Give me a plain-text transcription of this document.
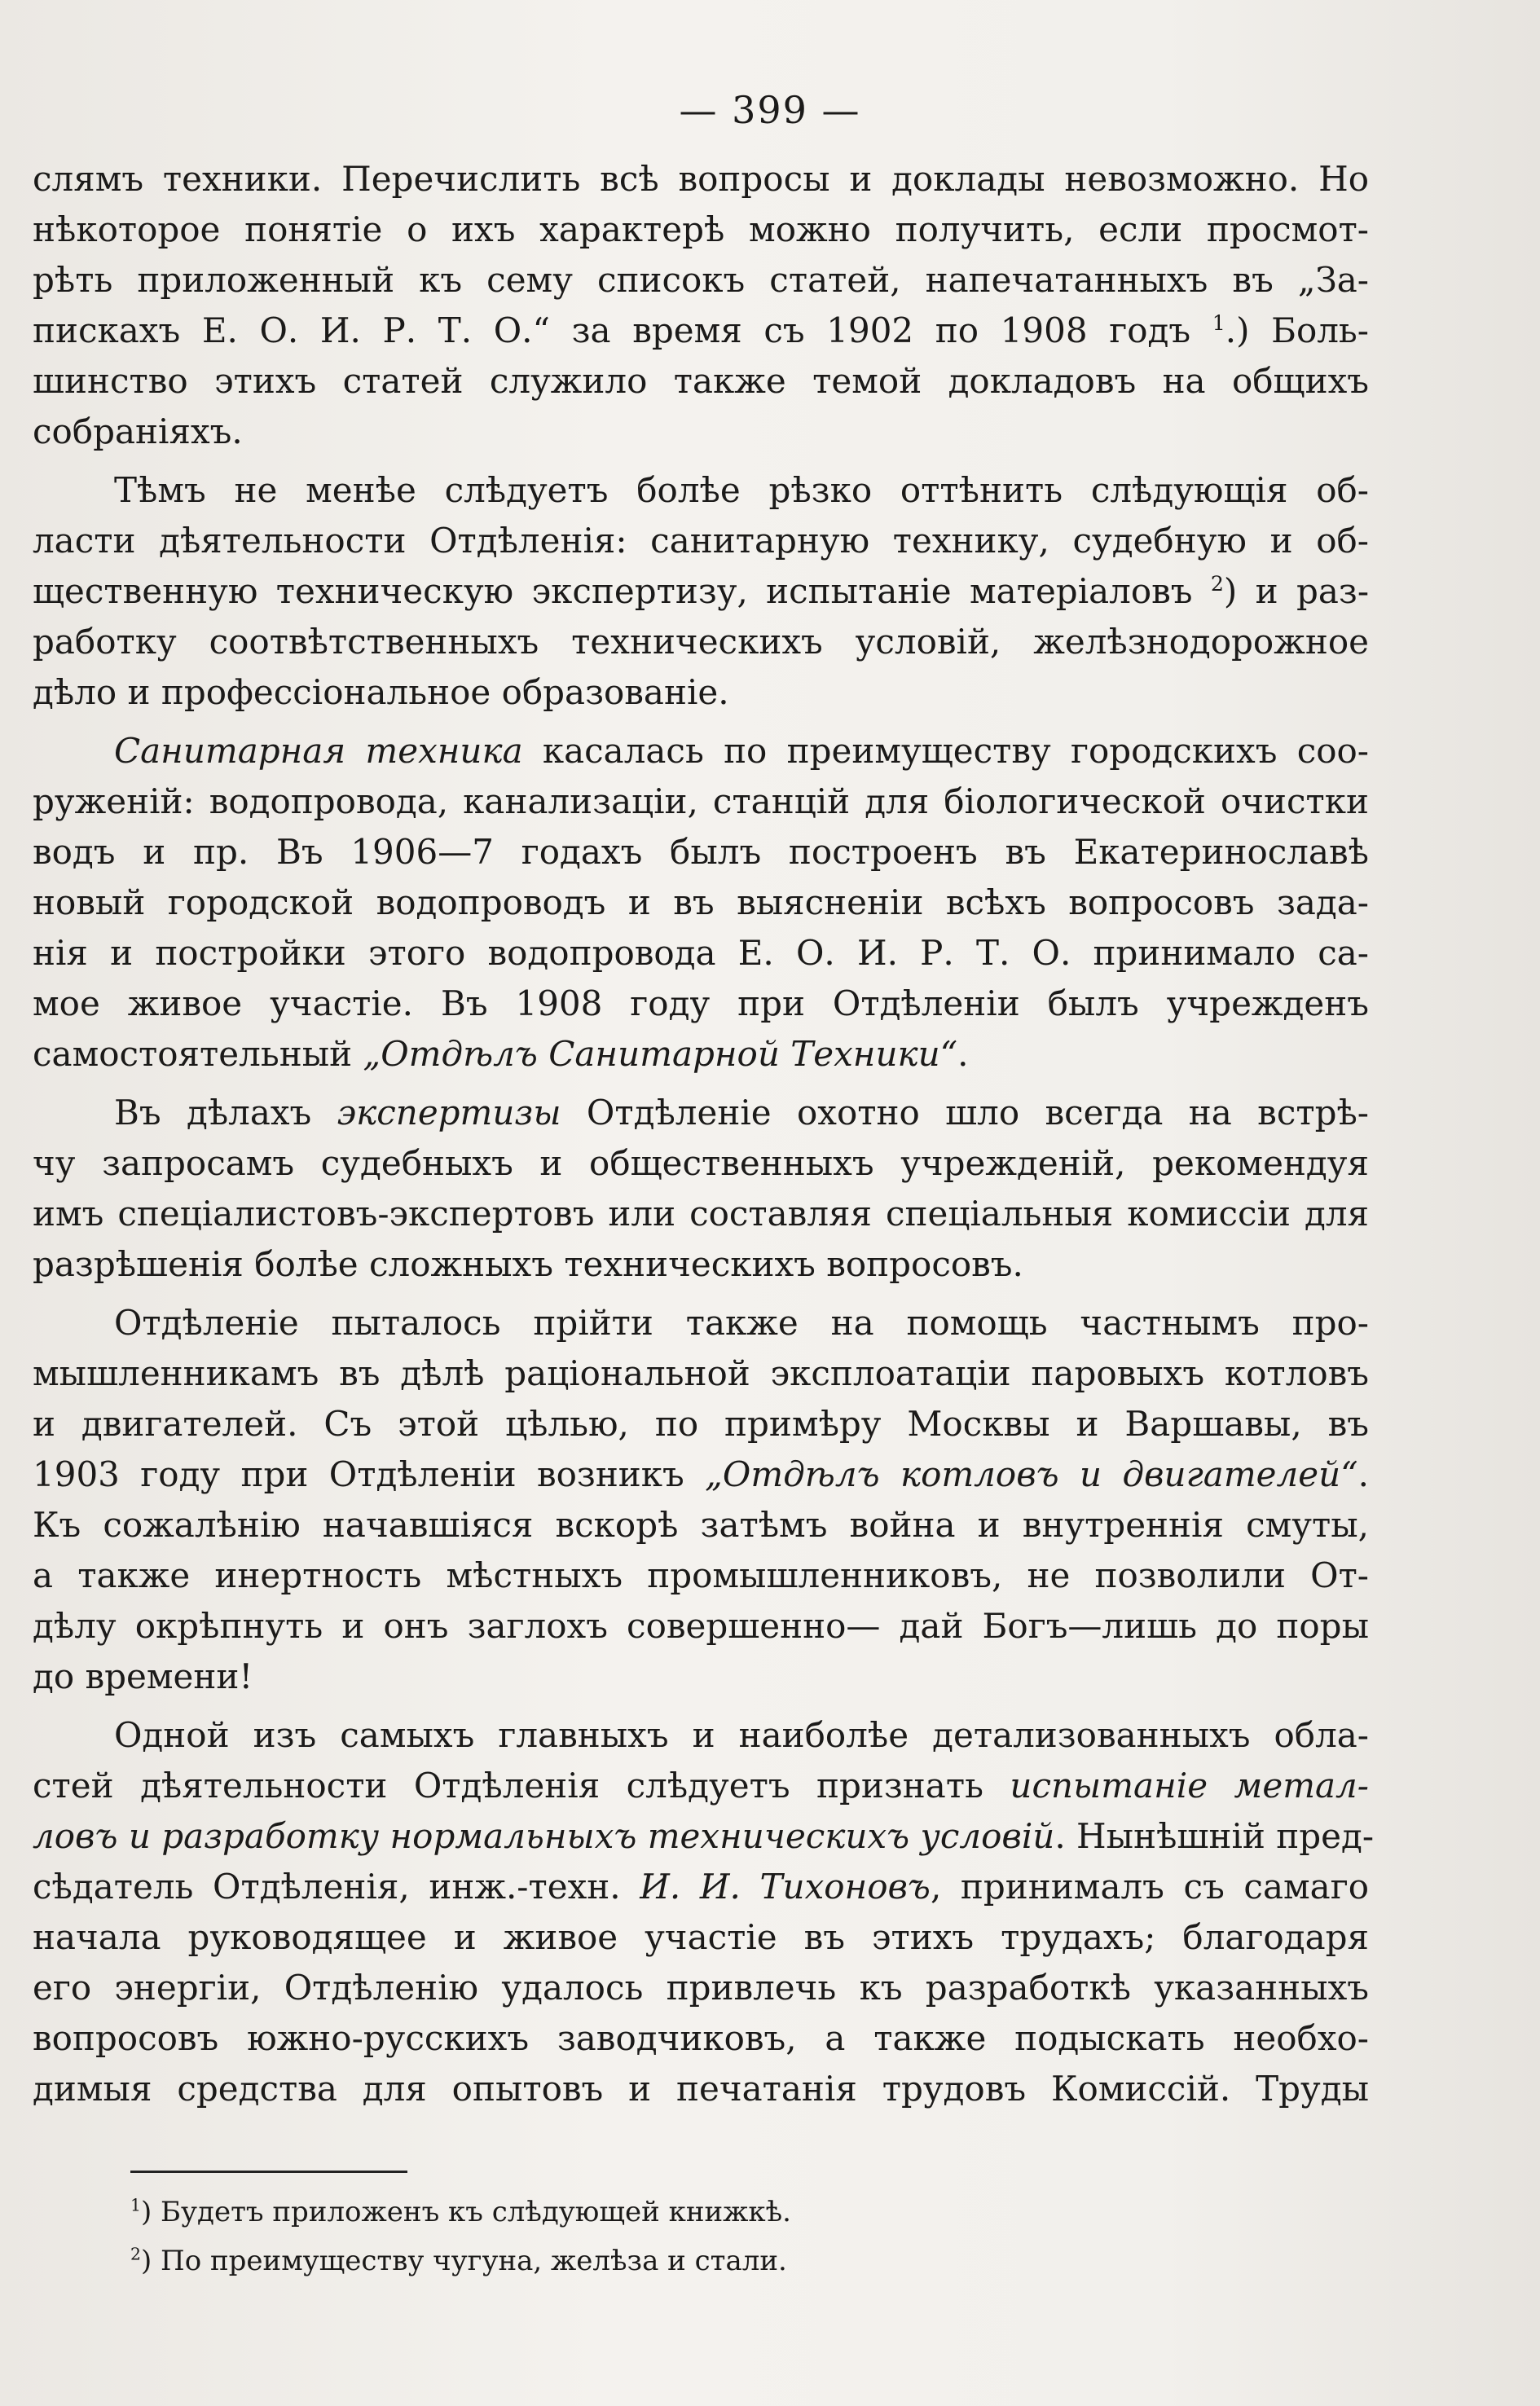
— 399 —
слямъ техники. Перечислить всѣ вопросы и доклады невозможно. Но
нѣкоторое понятіе о ихъ характерѣ можно получить, если просмот-
рѣть приложенный къ сему списокъ статей, напечатанныхъ въ „За-
пискахъ Е. О. И. Р. Т. О.“ за время съ 1902 по 1908 годъ $^1$.) Боль-
шинство этихъ статей служило также темой докладовъ на общихъ
собраніяхъ.
Тѣмъ не менѣе слѣдуетъ болѣе рѣзко оттѣнить слѣдующія об-
ласти дѣятельности Отдѣленія: санитарную технику, судебную и об-
щественную техническую экспертизу, испытаніе матеріаловъ $^2$) и раз-
работку соотвѣтственныхъ техническихъ условій, желѣзнодорожное
дѣло и профессіональное образованіе.
Санитарная техника касалась по преимуществу городскихъ соо-
руженій: водопровода, канализаціи, станцій для біологической очистки
водъ и пр. Въ 1906—7 годахъ былъ построенъ въ Екатеринославѣ
новый городской водопроводъ и въ выясненіи всѣхъ вопросовъ зада-
нія и постройки этого водопровода Е. О. И. Р. Т. О. принимало са-
мое живое участіе. Въ 1908 году при Отдѣленіи былъ учрежденъ
самостоятельный „Отдѣлъ Санитарной Техники“.
Въ дѣлахъ экспертизы Отдѣленіе охотно шло всегда на встрѣ-
чу запросамъ судебныхъ и общественныхъ учрежденій, рекомендуя
имъ спеціалистовъ-экспертовъ или составляя спеціальныя комиссіи для
разрѣшенія болѣе сложныхъ техническихъ вопросовъ.
Отдѣленіе пыталось прійти также на помощь частнымъ про-
мышленникамъ въ дѣлѣ раціональной эксплоатаціи паровыхъ котловъ
и двигателей. Съ этой цѣлью, по примѣру Москвы и Варшавы, въ
1903 году при Отдѣленіи возникъ „Отдѣлъ котловъ и двигателей“.
Къ сожалѣнію начавшіяся вскорѣ затѣмъ война и внутреннія смуты,
а также инертность мѣстныхъ промышленниковъ, не позволили От-
дѣлу окрѣпнуть и онъ заглохъ совершенно— дай Богъ—лишь до поры
до времени!
Одной изъ самыхъ главныхъ и наиболѣе детализованныхъ обла-
стей дѣятельности Отдѣленія слѣдуетъ признать испытаніе метал-
ловъ и разработку нормальныхъ техническихъ условій. Нынѣшній пред-
сѣдатель Отдѣленія, инж.-техн. И. И. Тихоновъ, принималъ съ самаго
начала руководящее и живое участіе въ этихъ трудахъ; благодаря
его энергіи, Отдѣленію удалось привлечь къ разработкѣ указанныхъ
вопросовъ южно-русскихъ заводчиковъ, а также подыскать необхо-
димыя средства для опытовъ и печатанія трудовъ Комиссій. Труды
$^1$) Будетъ приложенъ къ слѣдующей книжкѣ.
$^2$) По преимуществу чугуна, желѣза и стали.
